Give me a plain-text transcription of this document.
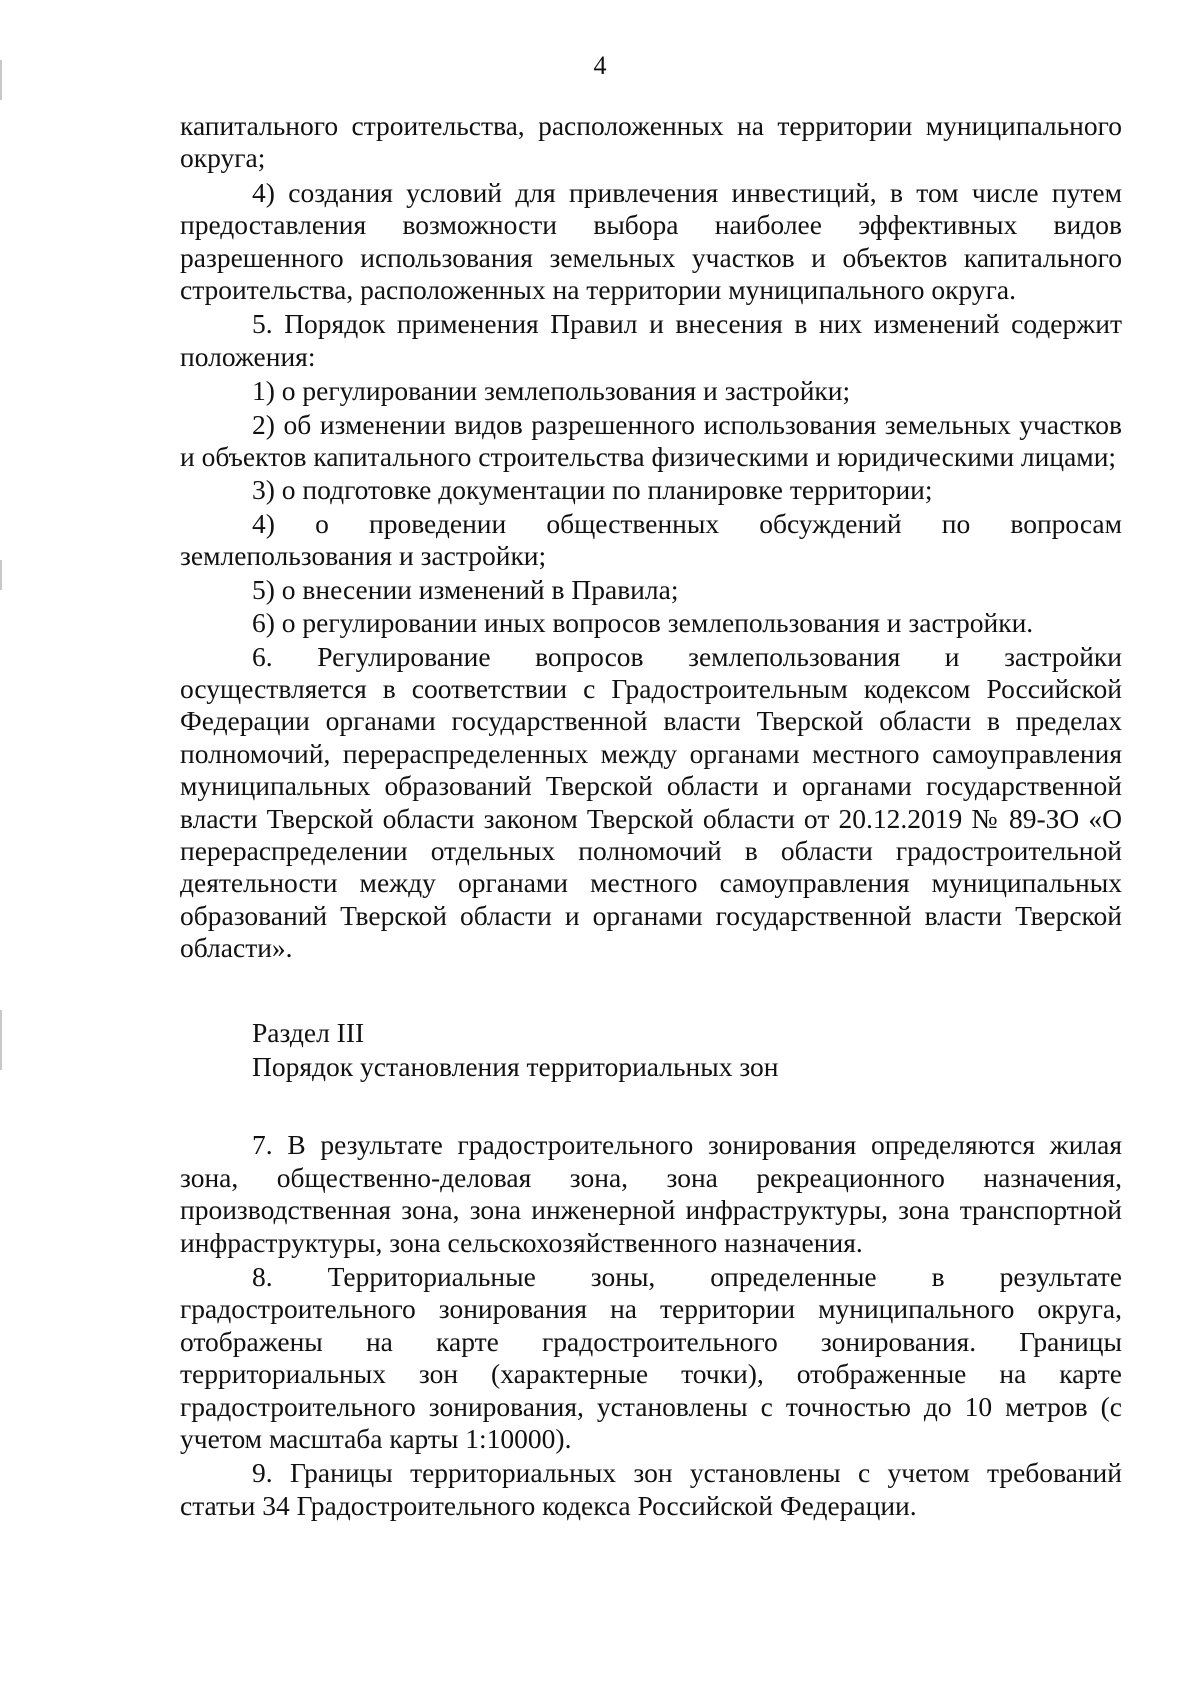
4

капитального строительства, расположенных на территории муниципального округа;

4) создания условий для привлечения инвестиций, в том числе путем предоставления возможности выбора наиболее эффективных видов разрешенного использования земельных участков и объектов капитального строительства, расположенных на территории муниципального округа.

5. Порядок применения Правил и внесения в них изменений содержит положения:

1) о регулировании землепользования и застройки;

2) об изменении видов разрешенного использования земельных участков и объектов капитального строительства физическими и юридическими лицами;

3) о подготовке документации по планировке территории;

4) о проведении общественных обсуждений по вопросам землепользования и застройки;

5) о внесении изменений в Правила;

6) о регулировании иных вопросов землепользования и застройки.

6. Регулирование вопросов землепользования и застройки осуществляется в соответствии с Градостроительным кодексом Российской Федерации органами государственной власти Тверской области в пределах полномочий, перераспределенных между органами местного самоуправления муниципальных образований Тверской области и органами государственной власти Тверской области законом Тверской области от 20.12.2019 № 89-ЗО «О перераспределении отдельных полномочий в области градостроительной деятельности между органами местного самоуправления муниципальных образований Тверской области и органами государственной власти Тверской области».

Раздел III

Порядок установления территориальных зон

7. В результате градостроительного зонирования определяются жилая зона, общественно-деловая зона, зона рекреационного назначения, производственная зона, зона инженерной инфраструктуры, зона транспортной инфраструктуры, зона сельскохозяйственного назначения.

8. Территориальные зоны, определенные в результате градостроительного зонирования на территории муниципального округа, отображены на карте градостроительного зонирования. Границы территориальных зон (характерные точки), отображенные на карте градостроительного зонирования, установлены с точностью до 10 метров (с учетом масштаба карты 1:10000).

9. Границы территориальных зон установлены с учетом требований статьи 34 Градостроительного кодекса Российской Федерации.
